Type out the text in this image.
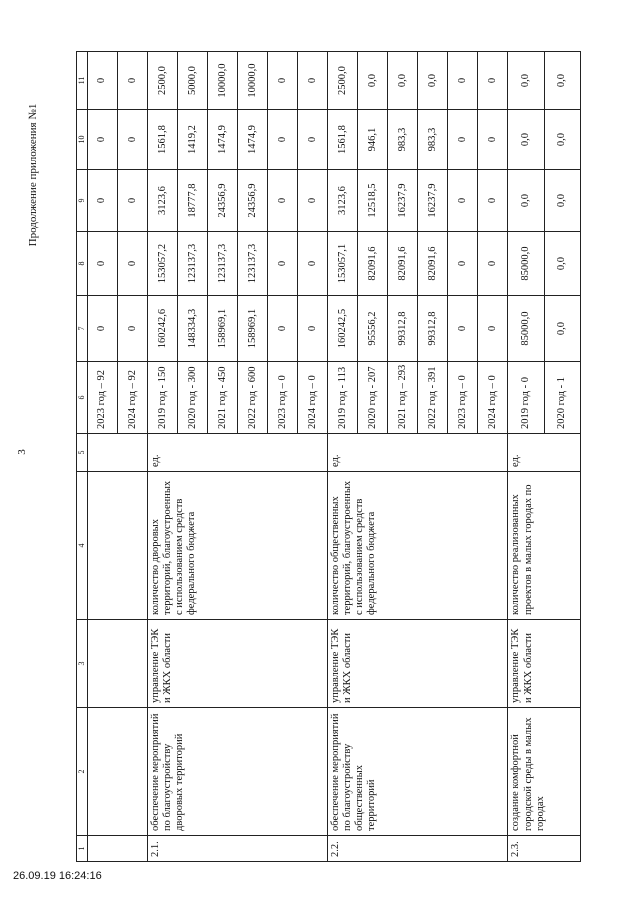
3
Продолжение приложения №1
1	2	3	4	5	6	7	8	9	10	11
					2023 год – 92	0	0	0	0	0
					2024 год – 92	0	0	0	0	0
2.1.	обеспечение мероприятий по благоустройству дворовых территорий	управление ТЭК и ЖКХ области	количество дворовых территорий, благоустроенных с использованием средств федерального бюджета	ед.	2019 год - 150	160242,6	153057,2	3123,6	1561,8	2500,0
					2020 год - 300	148334,3	123137,3	18777,8	1419,2	5000,0
					2021 год - 450	158969,1	123137,3	24356,9	1474,9	10000,0
					2022 год - 600	158969,1	123137,3	24356,9	1474,9	10000,0
					2023 год – 0	0	0	0	0	0
					2024 год – 0	0	0	0	0	0
2.2.	обеспечение мероприятий по благоустройству общественных территорий	управление ТЭК и ЖКХ области	количество общественных территорий, благоустроенных с использованием средств федерального бюджета	ед.	2019 год - 113	160242,5	153057,1	3123,6	1561,8	2500,0
					2020 год - 207	95556,2	82091,6	12518,5	946,1	0,0
					2021 год – 293	99312,8	82091,6	16237,9	983,3	0,0
					2022 год - 391	99312,8	82091,6	16237,9	983,3	0,0
					2023 год – 0	0	0	0	0	0
					2024 год – 0	0	0	0	0	0
2.3.	создание комфортной городской среды в малых городах	управление ТЭК и ЖКХ области	количество реализованных проектов в малых городах по	ед.	2019 год - 0	85000,0	85000,0	0,0	0,0	0,0
					2020 год - 1	0,0	0,0	0,0	0,0	0,0
26.09.19 16:24:16
